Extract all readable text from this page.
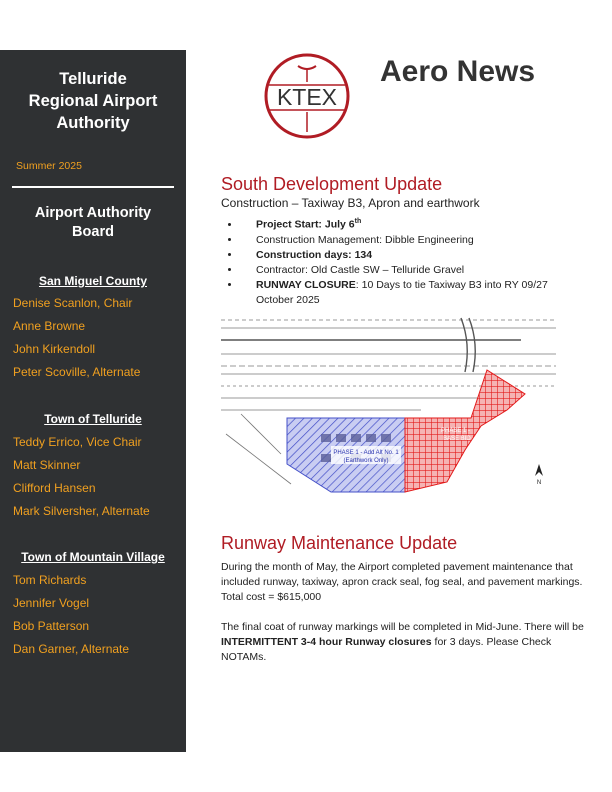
Telluride
Regional Airport
Authority
Summer 2025
Airport Authority
Board
San Miguel County
Denise Scanlon, Chair
Anne Browne
John Kirkendoll
Peter Scoville, Alternate
Town of Telluride
Teddy Errico, Vice Chair
Matt Skinner
Clifford Hansen
Mark Silversher, Alternate
Town of Mountain Village
Tom Richards
Jennifer Vogel
Bob Patterson
Dan Garner, Alternate
KTEX
Aero News
South Development Update
Construction – Taxiway B3, Apron and earthwork
• Project Start: July 6th
• Construction Management: Dibble Engineering
• Construction days: 134
• Contractor: Old Castle SW – Telluride Gravel
• RUNWAY CLOSURE: 10 Days to tie Taxiway B3 into RY 09/27 October 2025
PHASE 1 - Add Alt No. 1
(Earthwork Only)
PHASE 1 -
BASE BID
N
Runway Maintenance Update

During the month of May, the Airport completed pavement maintenance that included runway, taxiway, apron crack seal, fog seal, and pavement markings. Total cost = $615,000

The final coat of runway markings will be completed in Mid-June. There will be INTERMITTENT 3-4 hour Runway closures for 3 days. Please Check NOTAMs.
